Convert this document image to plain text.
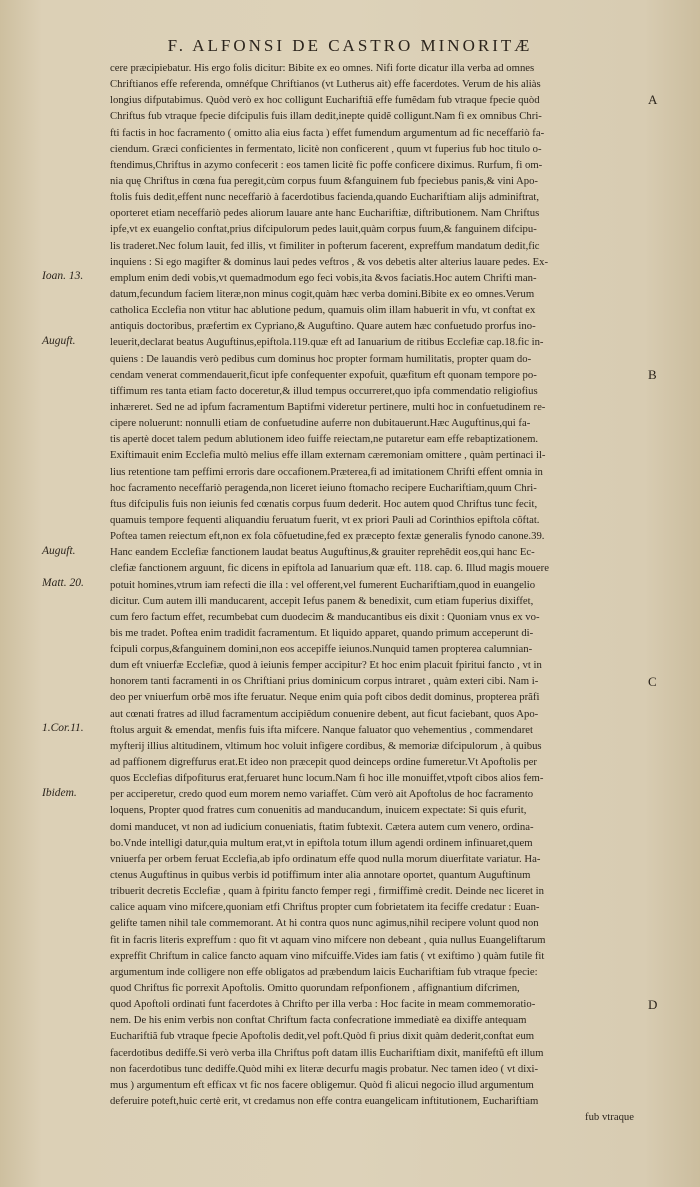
F. ALFONSI DE CASTRO MINORITÆ
cere præcipiebatur. His ergo folis dicitur: Bibite ex eo omnes. Nifi forte dicatur illa verba ad omnes
Chriftianos effe referenda, omnéfque Chriftianos (vt Lutherus ait) effe facerdotes. Verum de his aliàs
longius difputabimus. Quòd verò ex hoc colligunt Euchariftiã effe fumẽdam fub vtraque fpecie quòd
Chriftus fub vtraque fpecie difcipulis fuis illam dedit,inepte quidẽ colligunt.Nam fi ex omnibus Chri-
fti factis in hoc facramento ( omitto alia eius facta ) effet fumendum argumentum ad fic neceffariò fa-
ciendum. Græci conficientes in fermentato, licitè non conficerent , quum vt fuperius fub hoc titulo o-
ftendimus,Chriftus in azymo confecerit : eos tamen licitè fic poffe conficere diximus. Rurfum, fi om-
nia quę Chriftus in cœna fua peregit,cùm corpus fuum &fanguinem fub fpeciebus panis,& vini Apo-
ftolis fuis dedit,effent nunc neceffariò à facerdotibus facienda,quando Euchariftiam alijs adminiftrat,
oporteret etiam neceffariò pedes aliorum lauare ante hanc Euchariftiæ, diftributionem. Nam Chriftus
ipfe,vt ex euangelio conftat,prius difcipulorum pedes lauit,quàm corpus fuum,& fanguinem difcipu-
lis traderet.Nec folum lauit, fed illis, vt fimiliter in pofterum facerent, expreffum mandatum dedit,fic
inquiens : Si ego magifter & dominus laui pedes veftros , & vos debetis alter alterius lauare pedes. Ex-
emplum enim dedi vobis,vt quemadmodum ego feci vobis,ita &vos faciatis.Hoc autem Chrifti man-
datum,fecundum faciem literæ,non minus cogit,quàm hæc verba domini.Bibite ex eo omnes.Verum
catholica Ecclefia non vtitur hac ablutione pedum, quamuis olim illam habuerit in vfu, vt conftat ex
antiquis doctoribus, præfertim ex Cypriano,& Auguftino. Quare autem hæc confuetudo prorfus ino-
leuerit,declarat beatus Auguftinus,epiftola.119.quæ eft ad Ianuarium de ritibus Ecclefiæ cap.18.fic in-
quiens : De lauandis verò pedibus cum dominus hoc propter formam humilitatis, propter quam do-
cendam venerat commendauerit,ficut ipfe confequenter expofuit, quæfitum eft quonam tempore po-
tiffimum res tanta etiam facto doceretur,& illud tempus occurreret,quo ipfa commendatio religiofius
inhæreret. Sed ne ad ipfum facramentum Baptifmi videretur pertinere, multi hoc in confuetudinem re-
cipere noluerunt: nonnulli etiam de confuetudine auferre non dubitauerunt.Hæc Auguftinus,qui fa-
tis apertè docet talem pedum ablutionem ideo fuiffe reiectam,ne putaretur eam effe rebaptizationem.
Exiftimauit enim Ecclefia multò melius effe illam externam cæremoniam omittere , quàm pertinaci il-
lius retentione tam peffimi erroris dare occafionem.Præterea,fi ad imitationem Chrifti effent omnia in
hoc facramento neceffariò peragenda,non liceret ieiuno ftomacho recipere Euchariftiam,quum Chri-
ftus difcipulis fuis non ieiunis fed cœnatis corpus fuum dederit. Hoc autem quod Chriftus tunc fecit,
quamuis tempore fequenti aliquandiu feruatum fuerit, vt ex priori Pauli ad Corinthios epiftola cõftat.
Poftea tamen reiectum eft,non ex fola cõfuetudine,fed ex præcepto fextæ generalis fynodo canone.39.
Hanc eandem Ecclefiæ fanctionem laudat beatus Auguftinus,& grauiter reprehẽdit eos,qui hanc Ec-
clefiæ fanctionem arguunt, fic dicens in epiftola ad Ianuarium quæ eft. 118. cap. 6. Illud magis mouere
potuit homines,vtrum iam refecti die illa : vel offerent,vel fumerent Euchariftiam,quod in euangelio
dicitur. Cum autem illi manducarent, accepit Iefus panem & benedixit, cum etiam fuperius dixiffet,
cum fero factum effet, recumbebat cum duodecim & manducantibus eis dixit : Quoniam vnus ex vo-
bis me tradet. Poftea enim tradidit facramentum. Et liquido apparet, quando primum acceperunt di-
fcipuli corpus,&fanguinem domini,non eos accepiffe ieiunos.Nunquid tamen propterea calumnian-
dum eft vniuerfæ Ecclefiæ, quod à ieiunis femper accipitur? Et hoc enim placuit fpiritui fancto , vt in
honorem tanti facramenti in os Chriftiani prius dominicum corpus intraret , quàm exteri cibi. Nam i-
deo per vniuerfum orbẽ mos ifte feruatur. Neque enim quia poft cibos dedit dominus, propterea prãfi
aut cœnati fratres ad illud facramentum accipiẽdum conuenire debent, aut ficut faciebant, quos Apo-
ftolus arguit & emendat, menfis fuis ifta mifcere. Nanque faluator quo vehementius , commendaret
myfterij illius altitudinem, vltimum hoc voluit infigere cordibus, & memoriæ difcipulorum , à quibus
ad paffionem digreffurus erat.Et ideo non præcepit quod deinceps ordine fumeretur.Vt Apoftolis per
quos Ecclefias difpofiturus erat,feruaret hunc locum.Nam fi hoc ille monuiffet,vtpoft cibos alios fem-
per acciperetur, credo quod eum morem nemo variaffet. Cùm verò ait Apoftolus de hoc facramento
loquens, Propter quod fratres cum conuenitis ad manducandum, inuicem expectate: Si quis efurit,
domi manducet, vt non ad iudicium conueniatis, ftatim fubtexit. Cætera autem cum venero, ordina-
bo.Vnde intelligi datur,quia multum erat,vt in epiftola totum illum agendi ordinem infinuaret,quem
vniuerfa per orbem feruat Ecclefia,ab ipfo ordinatum effe quod nulla morum diuerfitate variatur. Ha-
ctenus Auguftinus in quibus verbis id potiffimum inter alia annotare oportet, quantum Auguftinum
tribuerit decretis Ecclefiæ , quam à fpiritu fancto femper regi , firmiffimè credit. Deinde nec liceret in
calice aquam vino mifcere,quoniam etfi Chriftus propter cum fobrietatem ita feciffe credatur : Euan-
gelifte tamen nihil tale commemorant. At hi contra quos nunc agimus,nihil recipere volunt quod non
fit in facris literis expreffum : quo fit vt aquam vino mifcere non debeant , quia nullus Euangeliftarum
expreffit Chriftum in calice fancto aquam vino mifcuiffe.Vides iam fatis ( vt exiftimo ) quàm futile fit
argumentum inde colligere non effe obligatos ad præbendum laicis Euchariftiam fub vtraque fpecie:
quod Chriftus fic porrexit Apoftolis. Omitto quorundam refponfionem , affignantium difcrimen,
quod Apoftoli ordinati funt facerdotes à Chrifto per illa verba : Hoc facite in meam commemoratio-
nem. De his enim verbis non conftat Chriftum facta confecratione immediatè ea dixiffe antequam
Euchariftiã fub vtraque fpecie Apoftolis dedit,vel poft.Quòd fi prius dixit quàm dederit,conftat eum
facerdotibus dediffe.Si verò verba illa Chriftus poft datam illis Euchariftiam dixit, manifeftũ eft illum
non facerdotibus tunc dediffe.Quòd mihi ex literæ decurfu magis probatur. Nec tamen ideo ( vt dixi-
mus ) argumentum eft efficax vt fic nos facere obligemur. Quòd fi alicui negocio illud argumentum
deferuire poteft,huic certè erit, vt credamus non effe contra euangelicam inftitutionem, Euchariftiam
fub vtraque
Ioan. 13.
Auguft.
Auguft.
Matt. 20.
1.Cor.11.
Ibidem.
A
B
C
D
